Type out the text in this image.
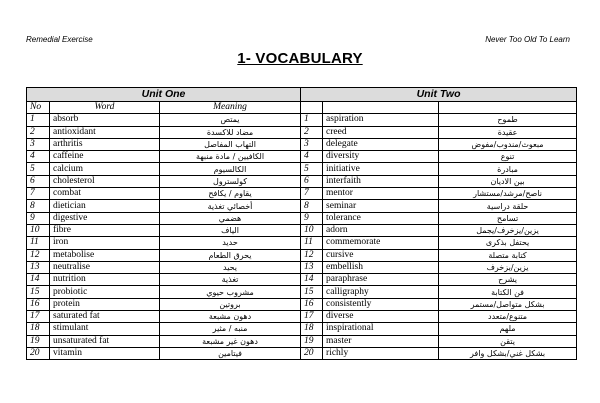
Remedial Exercise	Never Too Old To Learn
1- VOCABULARY
Unit One			Unit Two		
No	Word	Meaning			
1	absorb	يمتص	1	aspiration	طموح
2	antioxidant	مضاد للاكسدة	2	creed	عقيدة
3	arthritis	التهاب المفاصل	3	delegate	مبعوث/مندوب/مفوض
4	caffeine	الكافيين / مادة منبهة	4	diversity	تنوع
5	calcium	الكالسيوم	5	initiative	مبادرة
6	cholesterol	كولسترول	6	interfaith	بين الاديان
7	combat	يقاوم / يكافح	7	mentor	ناصح/مرشد/مستشار
8	dietician	أخصائي تغذية	8	seminar	حلقة دراسية
9	digestive	هضمي	9	tolerance	تسامح
10	fibre	الياف	10	adorn	يزين/يزخرف/يجمل
11	iron	حديد	11	commemorate	يحتفل بذكرى
12	metabolise	يحرق الطعام	12	cursive	كتابة متصلة
13	neutralise	يحيد	13	embellish	يزين/يزخرف
14	nutrition	تغذية	14	paraphrase	يشرح
15	probiotic	مشروب حيوي	15	calligraphy	فن الكتابة
16	protein	بروتين	16	consistently	بشكل متواصل/مستمر
17	saturated fat	دهون مشبعة	17	diverse	متنوع/متعدد
18	stimulant	منبه / مثير	18	inspirational	ملهم
19	unsaturated fat	دهون غير مشبعة	19	master	يتقن
20	vitamin	فيتامين	20	richly	بشكل غني/بشكل وافر
